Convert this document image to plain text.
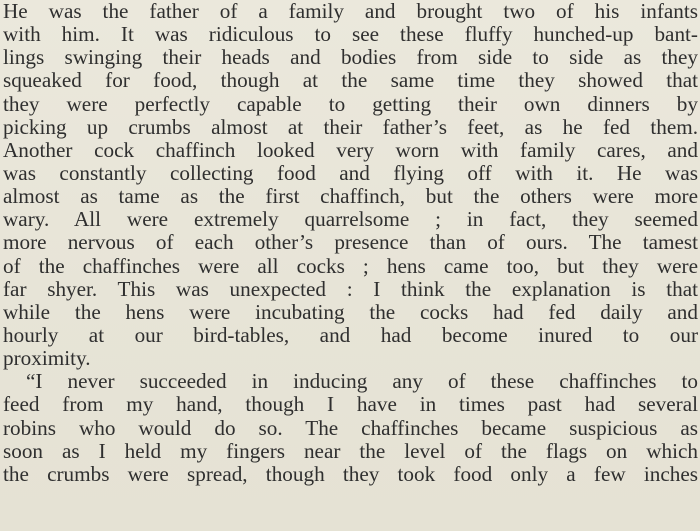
He was the father of a family and brought two of his infants
with him. It was ridiculous to see these fluffy hunched-up bant-
lings swinging their heads and bodies from side to side as they
squeaked for food, though at the same time they showed that
they were perfectly capable to getting their own dinners by
picking up crumbs almost at their father’s feet, as he fed them.
Another cock chaffinch looked very worn with family cares, and
was constantly collecting food and flying off with it. He was
almost as tame as the first chaffinch, but the others were more
wary. All were extremely quarrelsome ; in fact, they seemed
more nervous of each other’s presence than of ours. The tamest
of the chaffinches were all cocks ; hens came too, but they were
far shyer. This was unexpected : I think the explanation is that
while the hens were incubating the cocks had fed daily and
hourly at our bird-tables, and had become inured to our
proximity.
“I never succeeded in inducing any of these chaffinches to
feed from my hand, though I have in times past had several
robins who would do so. The chaffinches became suspicious as
soon as I held my fingers near the level of the flags on which
the crumbs were spread, though they took food only a few inches
